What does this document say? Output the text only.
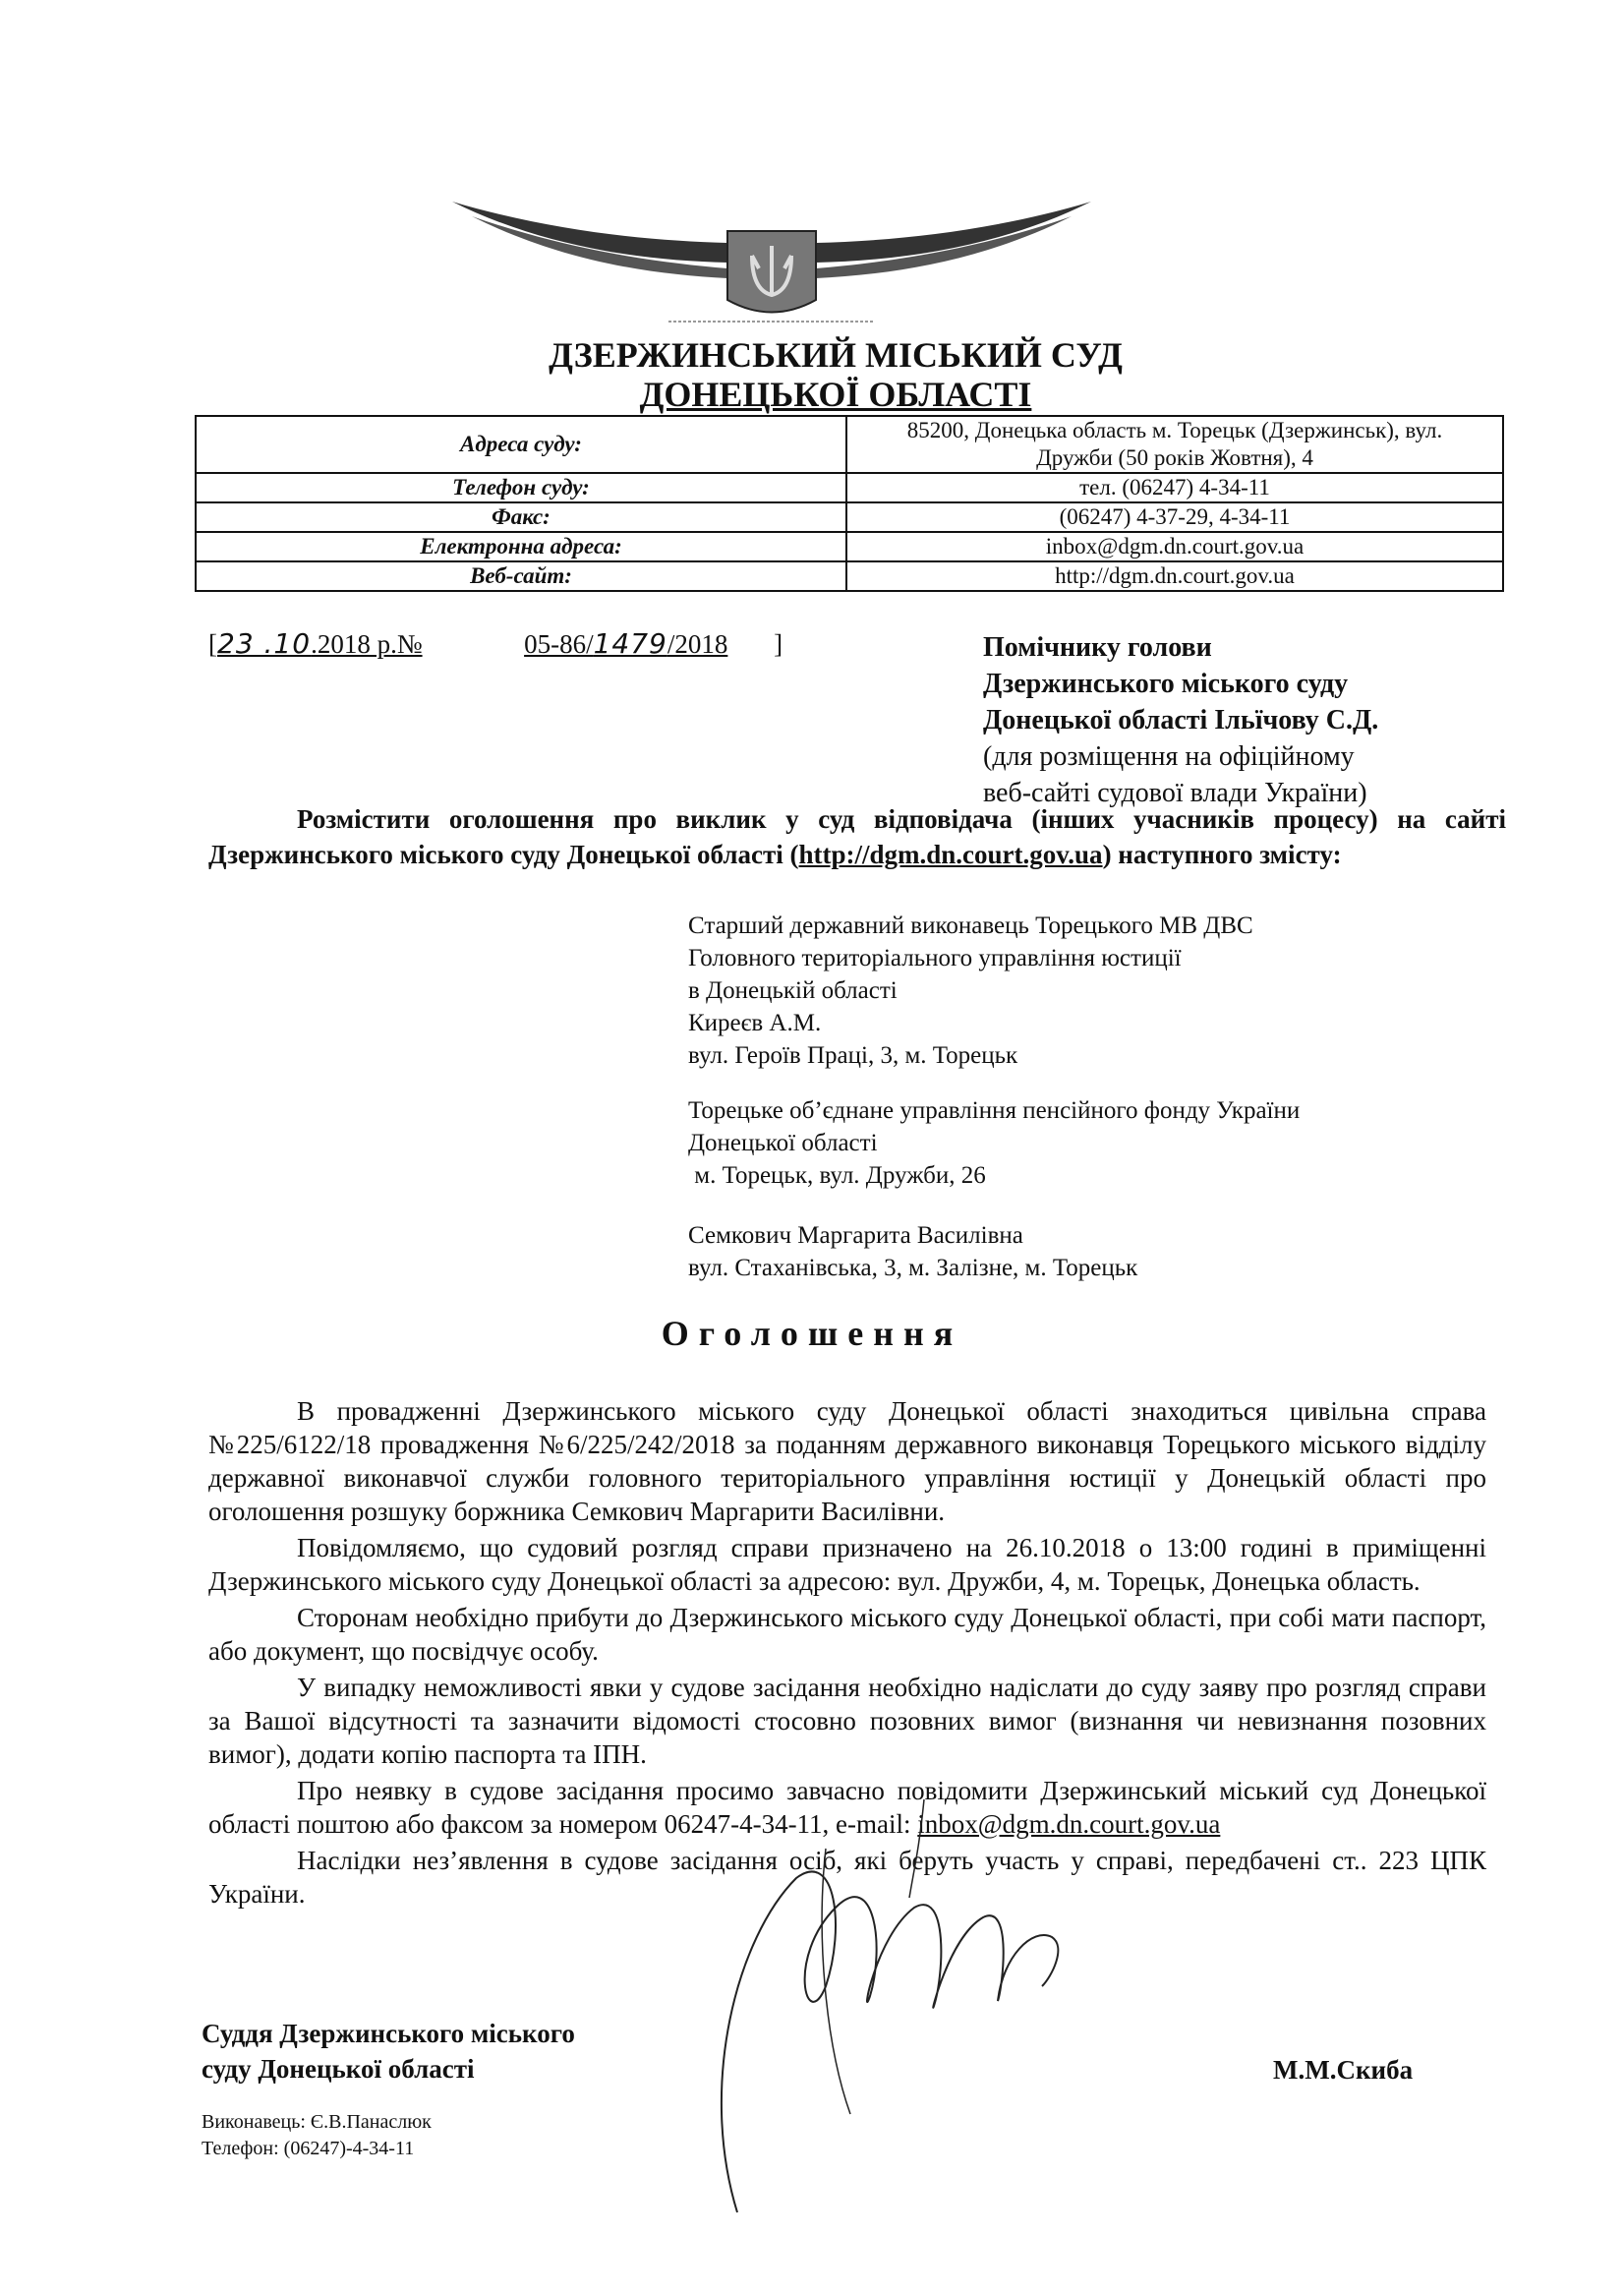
ДЗЕРЖИНСЬКИЙ МІСЬКИЙ СУД
ДОНЕЦЬКОЇ ОБЛАСТІ
Адреса суду:	85200, Донецька область м. Торецьк (Дзержинськ), вул.
Дружби (50 років Жовтня), 4
Телефон суду:	тел. (06247) 4-34-11
Факс:	(06247) 4-37-29, 4-34-11
Електронна адреса:	inbox@dgm.dn.court.gov.ua
Веб-сайт:	http://dgm.dn.court.gov.ua
[23 .10.2018 р.№	05-86/1479/2018 ]	Помічнику голови
Дзержинського міського суду
Донецької області Ільїчову С.Д.
(для розміщення на офіційному
веб-сайті судової влади України)
Розмістити оголошення про виклик у суд відповідача (інших учасників процесу) на сайті Дзержинського міського суду Донецької області (http://dgm.dn.court.gov.ua) наступного змісту:
Старший державний виконавець Торецького МВ ДВС
Головного територіального управління юстиції
в Донецькій області
Киреєв А.М.
вул. Героїв Праці, 3, м. Торецьк
Торецьке об’єднане управління пенсійного фонду України
Донецької області
м. Торецьк, вул. Дружби, 26
Семкович Маргарита Василівна
вул. Стаханівська, 3, м. Залізне, м. Торецьк
Оголошення

В провадженні Дзержинського міського суду Донецької області знаходиться цивільна справа №225/6122/18 провадження №6/225/242/2018 за поданням державного виконавця Торецького міського відділу державної виконавчої служби головного територіального управління юстиції у Донецькій області про оголошення розшуку боржника Семкович Маргарити Василівни.

Повідомляємо, що судовий розгляд справи призначено на 26.10.2018 о 13:00 годині в приміщенні Дзержинського міського суду Донецької області за адресою: вул. Дружби, 4, м. Торецьк, Донецька область.

Сторонам необхідно прибути до Дзержинського міського суду Донецької області, при собі мати паспорт, або документ, що посвідчує особу.

У випадку неможливості явки у судове засідання необхідно надіслати до суду заяву про розгляд справи за Вашої відсутності та зазначити відомості стосовно позовних вимог (визнання чи невизнання позовних вимог), додати копію паспорта та ІПН.

Про неявку в судове засідання просимо завчасно повідомити Дзержинський міський суд Донецької області поштою або факсом за номером 06247-4-34-11, e-mail: inbox@dgm.dn.court.gov.ua

Наслідки нез’явлення в судове засідання осіб, які беруть участь у справі, передбачені ст.. 223 ЦПК України.

Суддя Дзержинського міського
суду Донецької області	М.М.Скиба
Виконавець: Є.В.Панаслюк
Телефон: (06247)-4-34-11
